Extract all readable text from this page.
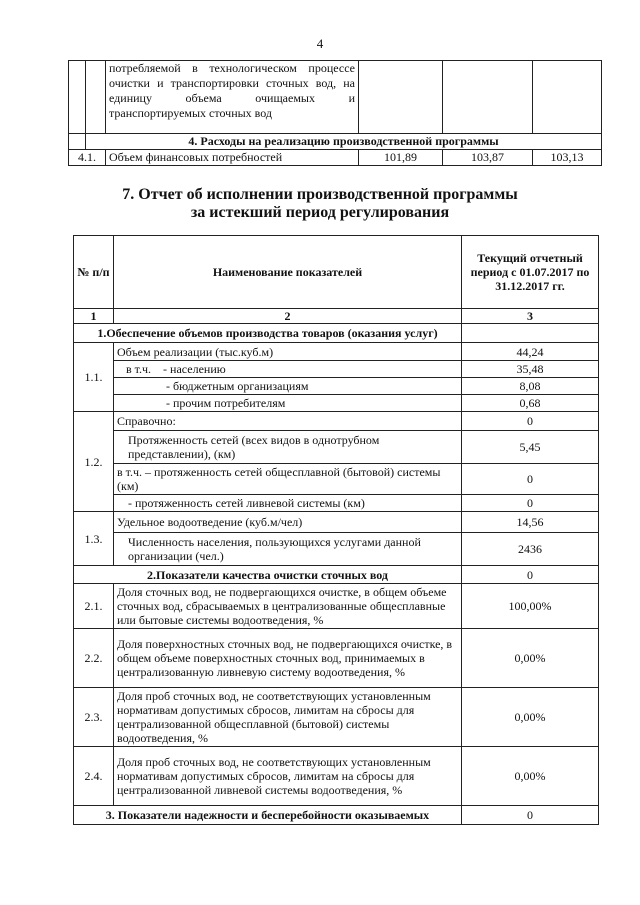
4
		потребляемой в технологическом процессе очистки и транспортировки сточных вод, на единицу объема очищаемых и транспортируемых сточных вод			
	4. Расходы на реализацию производственной программы				
4.1.		Объем финансовых потребностей	101,89	103,87	103,13
7. Отчет об исполнении производственной программы
за истекший период регулирования
№ п/п	Наименование показателей	Текущий отчетный период с 01.07.2017 по 31.12.2017 гг.
1	2	3
1.Обеспечение объемов производства товаров (оказания услуг)		
1.1.	Объем реализации (тыс.куб.м)	44,24
	в т.ч.    - населению	35,48
	- бюджетным организациям	8,08
	- прочим потребителям	0,68
1.2.	Справочно:	0
	Протяженность сетей (всех видов в однотрубном представлении), (км)	5,45
	в т.ч. – протяженность сетей общесплавной (бытовой) системы (км)	0
	- протяженность сетей ливневой системы (км)	0
1.3.	Удельное водоотведение (куб.м/чел)	14,56
	Численность населения, пользующихся услугами данной организации (чел.)	2436
2.Показатели качества очистки сточных вод		0
2.1.	Доля сточных вод, не подвергающихся очистке, в общем объеме сточных вод, сбрасываемых в централизованные общесплавные или бытовые системы водоотведения, %	100,00%
2.2.	Доля поверхностных сточных вод, не подвергающихся очистке, в общем объеме поверхностных сточных вод, принимаемых в централизованную ливневую систему водоотведения, %	0,00%
2.3.	Доля проб сточных вод, не соответствующих установленным нормативам допустимых сбросов, лимитам на сбросы для централизованной общесплавной (бытовой) системы водоотведения, %	0,00%
2.4.	Доля проб сточных вод, не соответствующих установленным нормативам допустимых сбросов, лимитам на сбросы для централизованной ливневой системы водоотведения, %	0,00%
3. Показатели надежности и бесперебойности оказываемых		0
